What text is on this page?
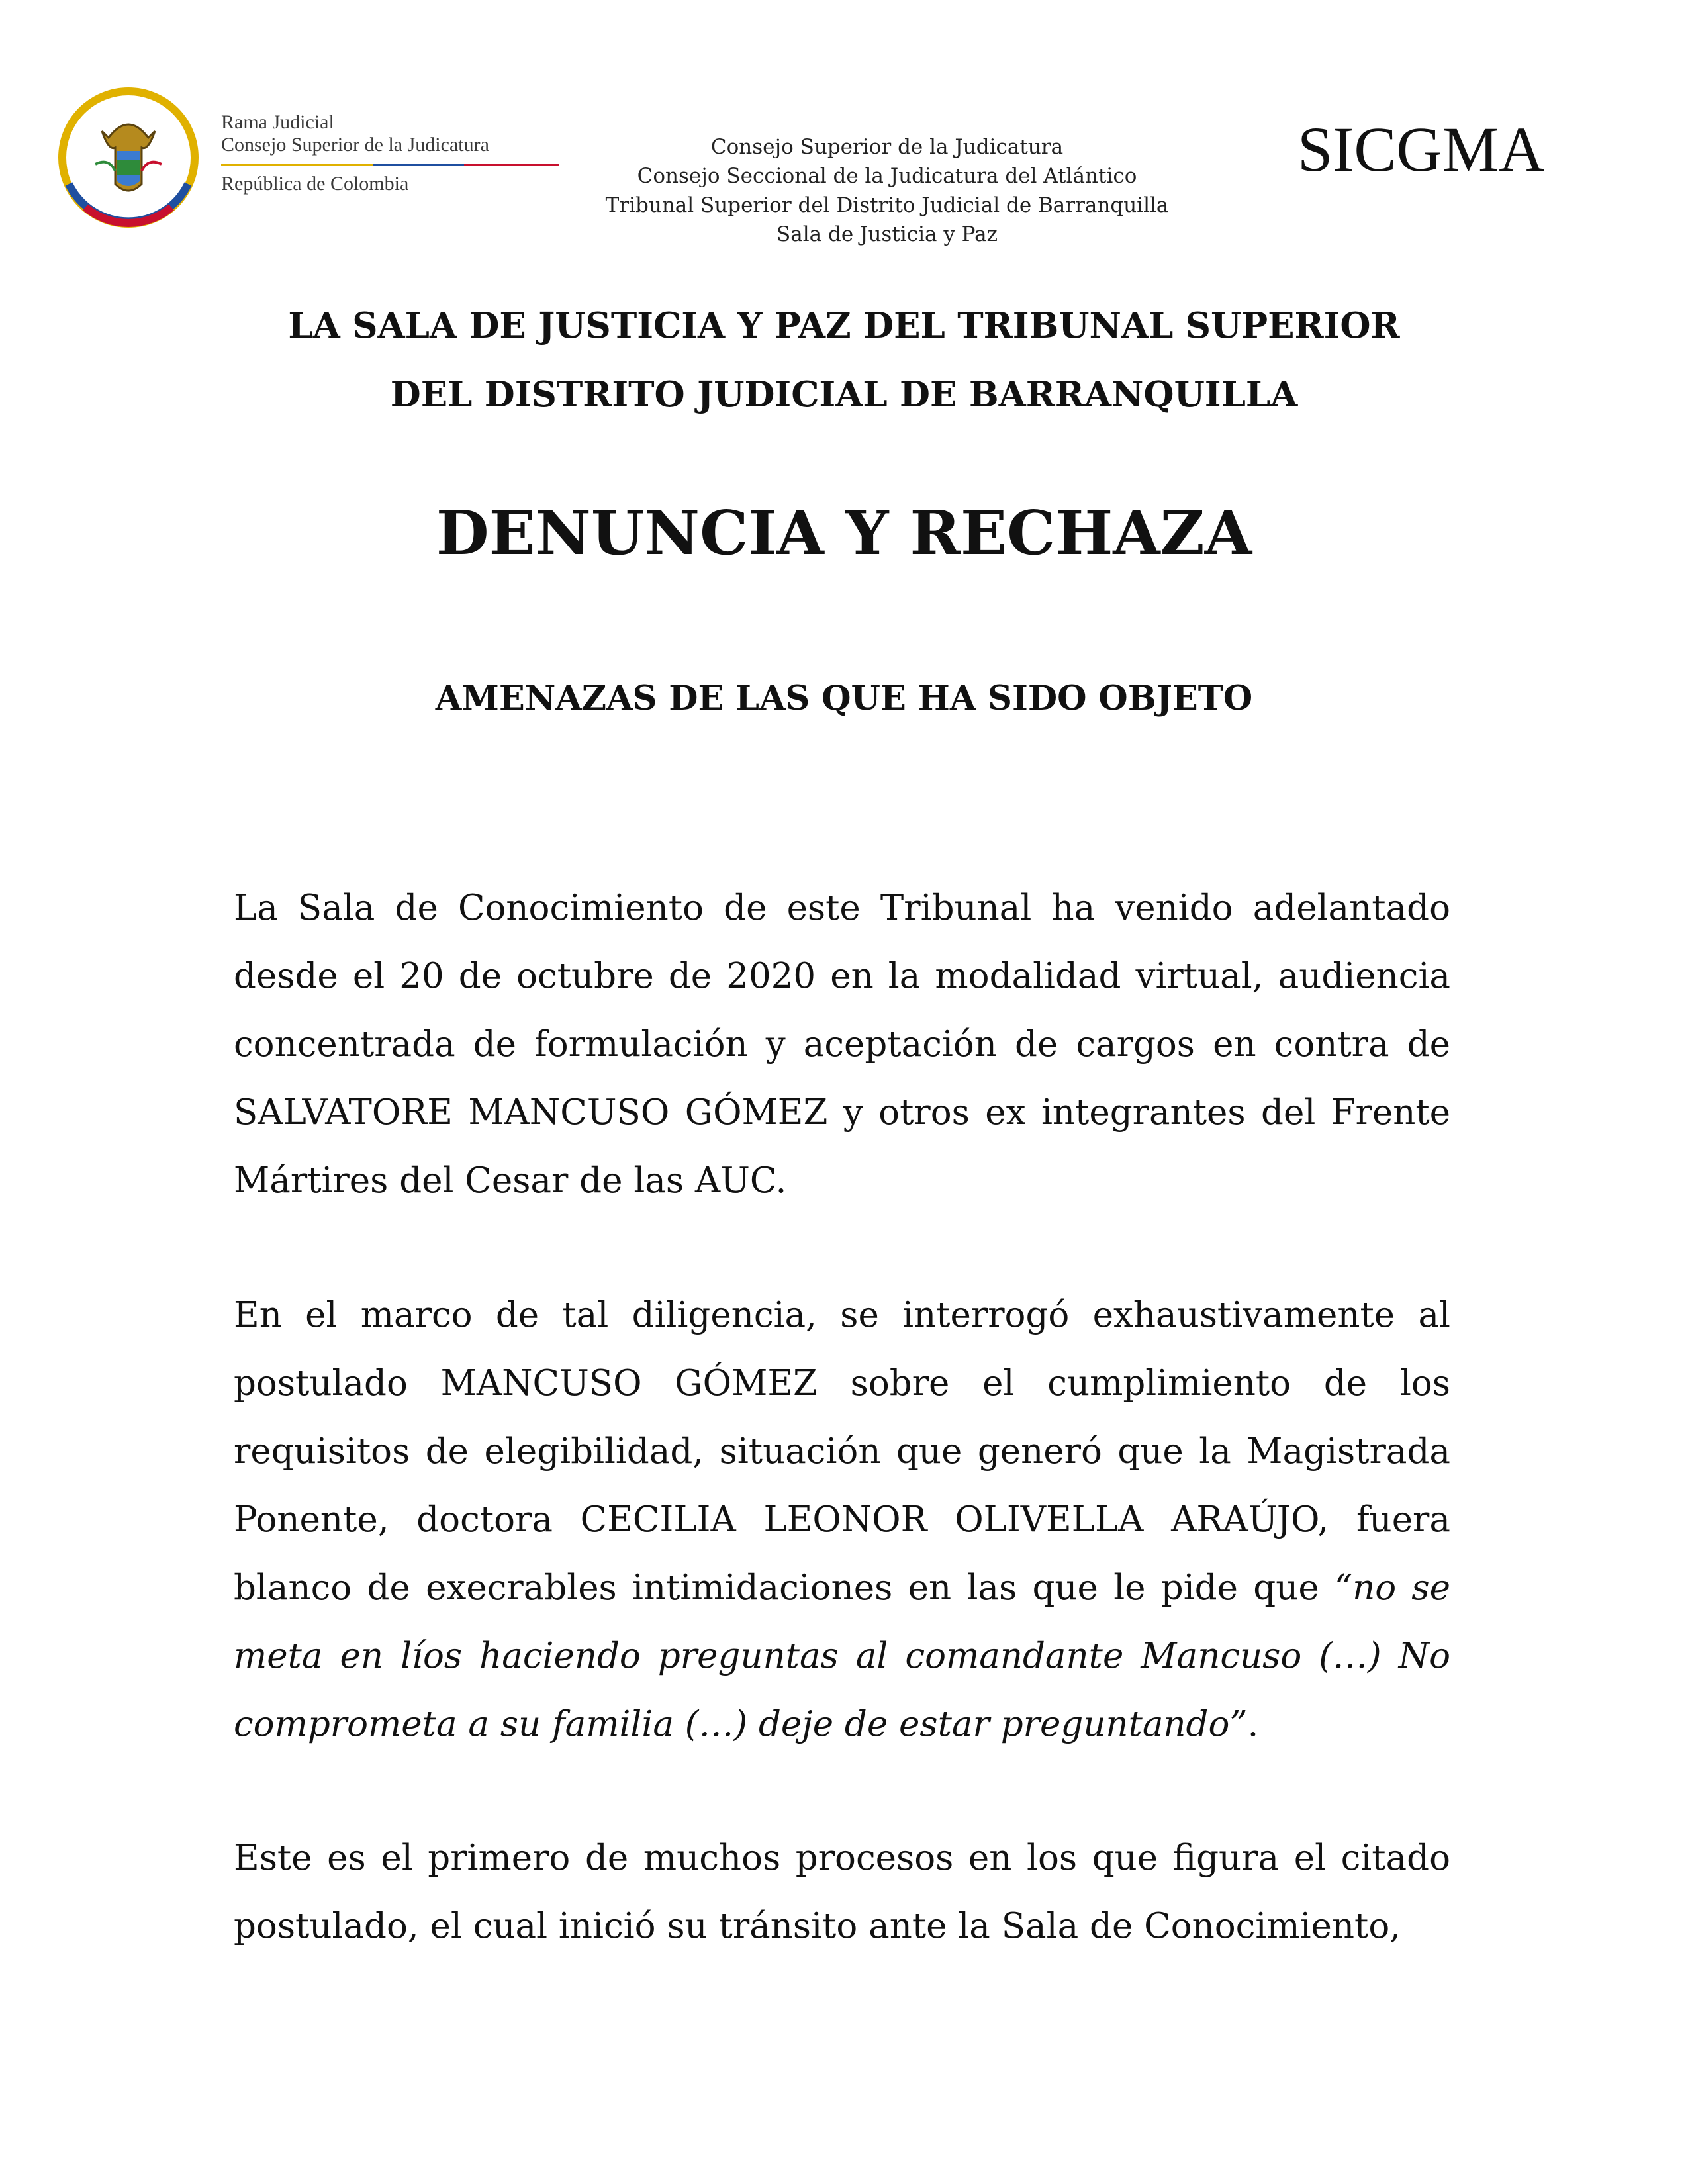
Rama Judicial
Consejo Superior de la Judicatura
República de Colombia
Consejo Superior de la Judicatura
Consejo Seccional de la Judicatura del Atlántico
Tribunal Superior del Distrito Judicial de Barranquilla
Sala de Justicia y Paz
SICGMA
LA SALA DE JUSTICIA Y PAZ DEL TRIBUNAL SUPERIOR
DEL DISTRITO JUDICIAL DE BARRANQUILLA
DENUNCIA Y RECHAZA
AMENAZAS DE LAS QUE HA SIDO OBJETO

La Sala de Conocimiento de este Tribunal ha venido adelantado desde el 20 de octubre de 2020 en la modalidad virtual, audiencia concentrada de formulación y aceptación de cargos en contra de SALVATORE MANCUSO GÓMEZ y otros ex integrantes del Frente Mártires del Cesar de las AUC.

En el marco de tal diligencia, se interrogó exhaustivamente al postulado MANCUSO GÓMEZ sobre el cumplimiento de los requisitos de elegibilidad, situación que generó que la Magistrada Ponente, doctora CECILIA LEONOR OLIVELLA ARAÚJO, fuera blanco de execrables intimidaciones en las que le pide que “no se meta en líos haciendo preguntas al comandante Mancuso (…) No comprometa a su familia (…) deje de estar preguntando”.

Este es el primero de muchos procesos en los que figura el citado postulado, el cual inició su tránsito ante la Sala de Conocimiento,
